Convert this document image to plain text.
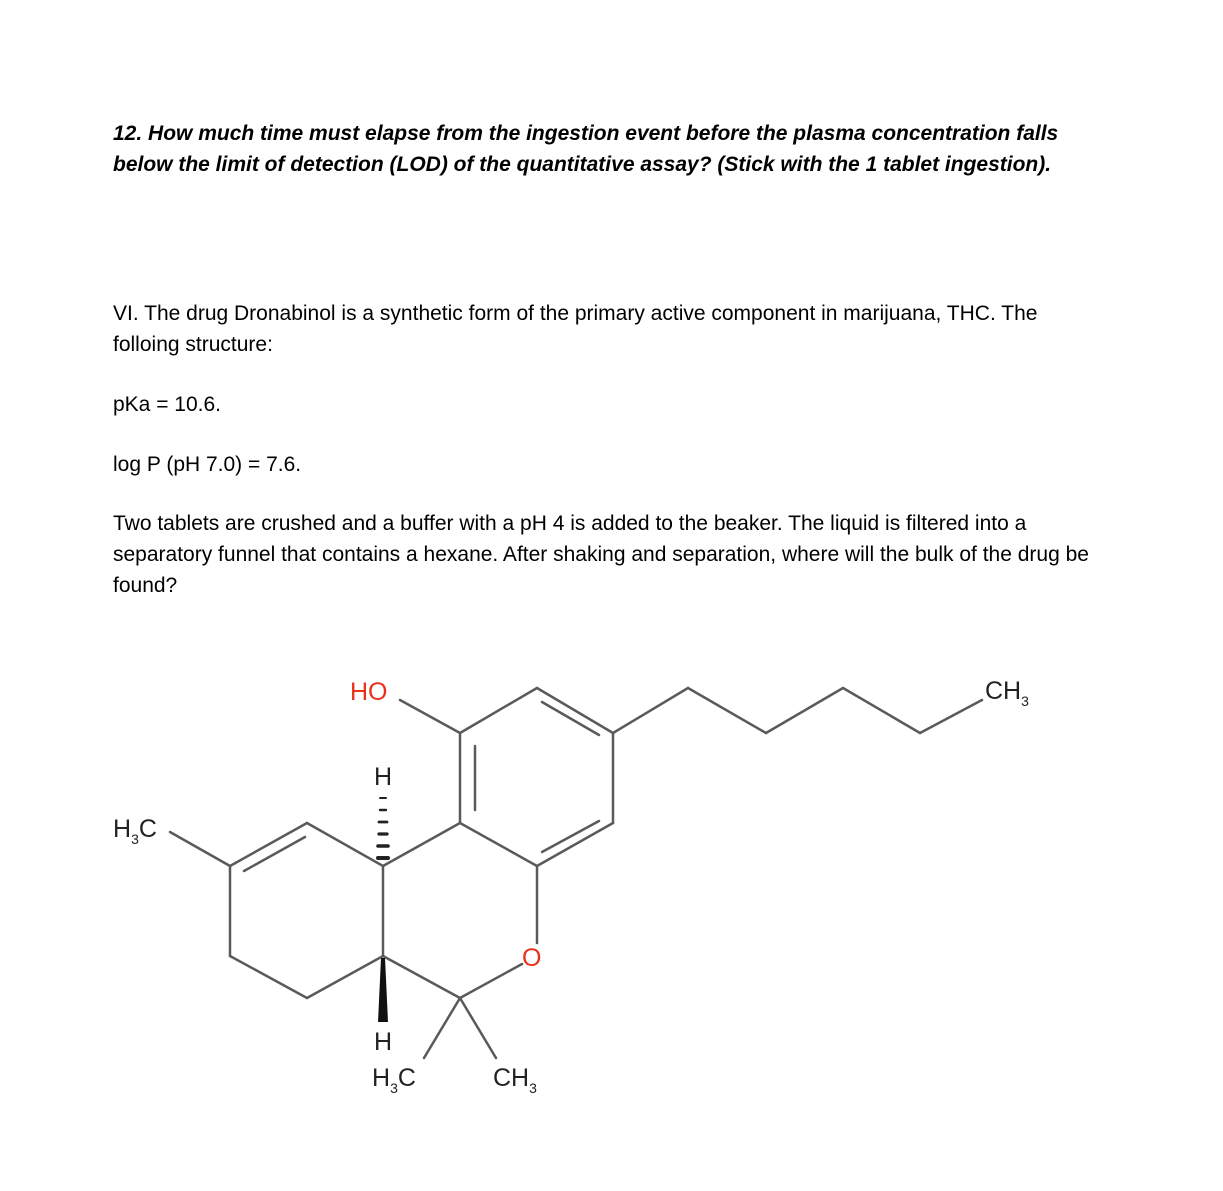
12. How much time must elapse from the ingestion event before the plasma concentration falls below the limit of detection (LOD) of the quantitative assay? (Stick with the 1 tablet ingestion).
VI. The drug Dronabinol is a synthetic form of the primary active component in marijuana, THC. The folloing structure:
pKa = 10.6.
log P (pH 7.0) = 7.6.
Two tablets are crushed and a buffer with a pH 4 is added to the beaker. The liquid is filtered into a separatory funnel that contains a hexane. After shaking and separation, where will the bulk of the drug be found?
HO	$CH_3$
$H_3C$
H
O
H
$H_3C$	$CH_3$
